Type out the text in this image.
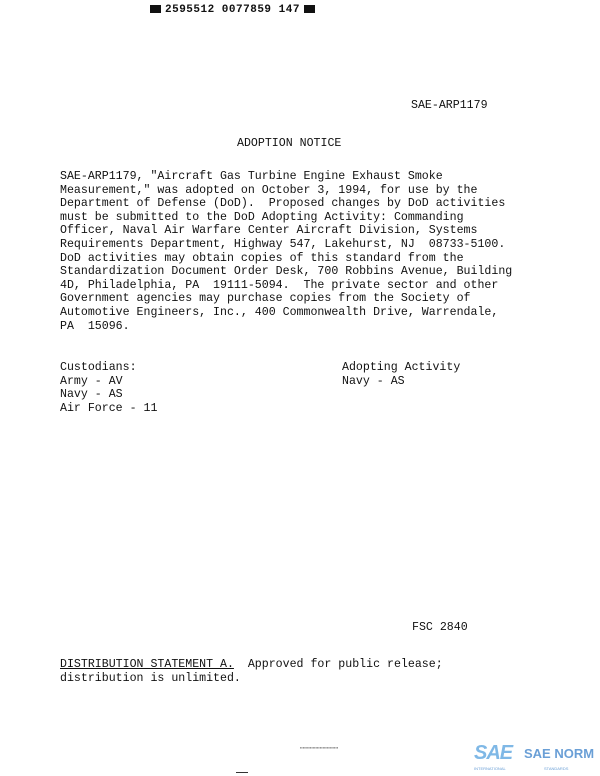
2595512 0077859 147
SAE-ARP1179
ADOPTION NOTICE
SAE-ARP1179, "Aircraft Gas Turbine Engine Exhaust Smoke
Measurement," was adopted on October 3, 1994, for use by the
Department of Defense (DoD).  Proposed changes by DoD activities
must be submitted to the DoD Adopting Activity: Commanding
Officer, Naval Air Warfare Center Aircraft Division, Systems
Requirements Department, Highway 547, Lakehurst, NJ  08733-5100.
DoD activities may obtain copies of this standard from the
Standardization Document Order Desk, 700 Robbins Avenue, Building
4D, Philadelphia, PA  19111-5094.  The private sector and other
Government agencies may purchase copies from the Society of
Automotive Engineers, Inc., 400 Commonwealth Drive, Warrendale,
PA  15096.
Custodians:
Army - AV
Navy - AS
Air Force - 11
Adopting Activity
Navy - AS
FSC 2840
DISTRIBUTION STATEMENT A.  Approved for public release;
distribution is unlimited.
▪▪▪▪▪▪▪▪▪▪▪▪▪▪▪▪▪▪▪▪▪▪▪▪▪▪▪	SAE SAE NORM
INTERNATIONAL	STANDARDS
